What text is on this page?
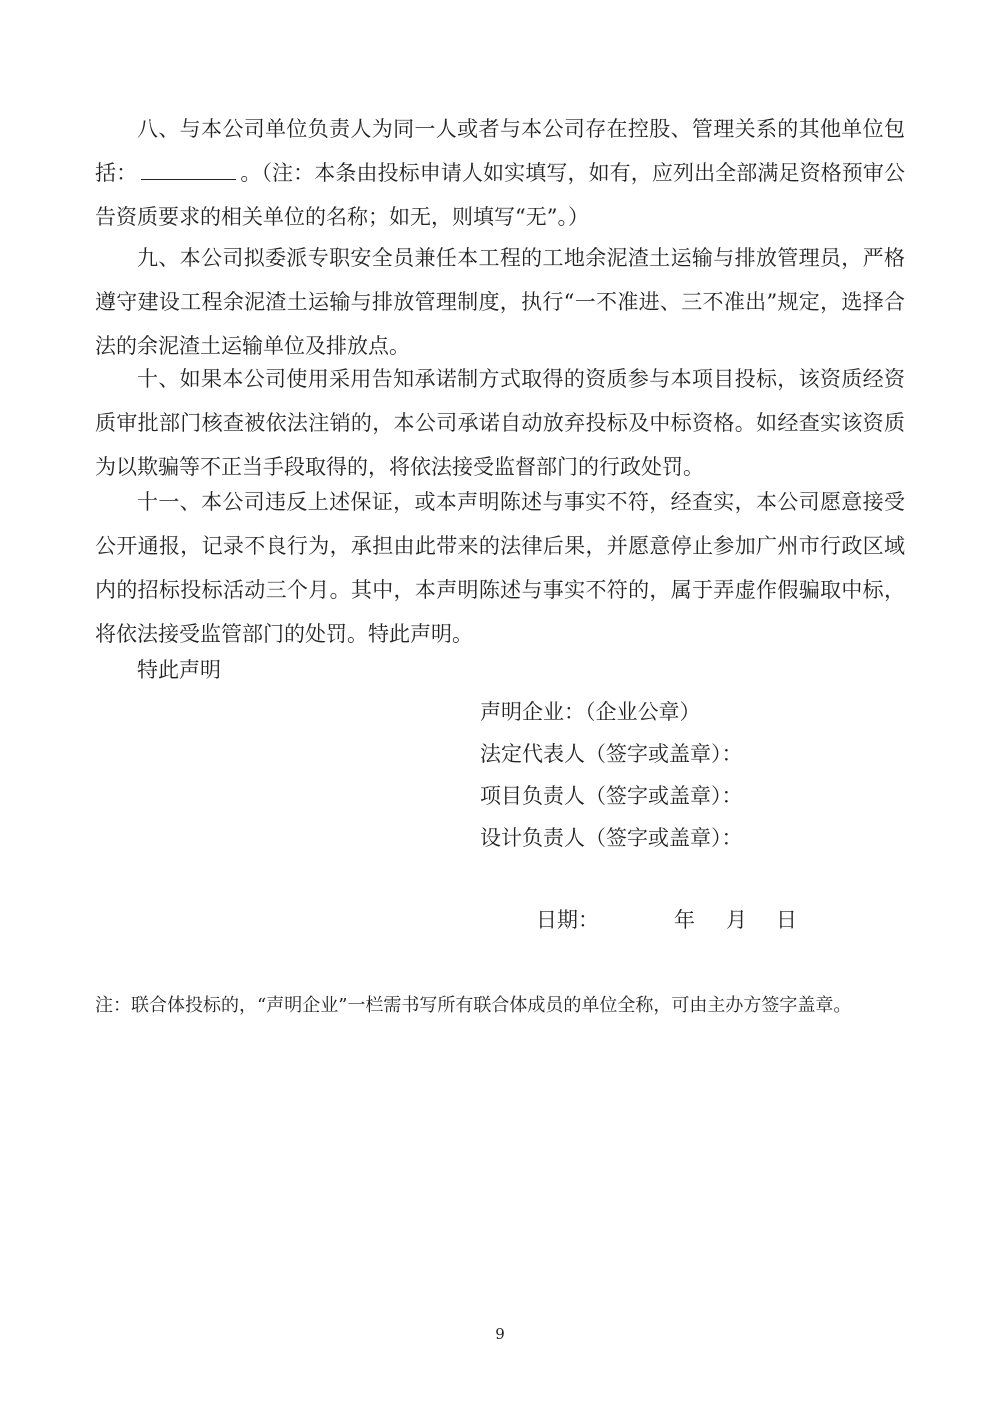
八、与本公司单位负责人为同一人或者与本公司存在控股、管理关系的其他单位包括：	。（注：本条由投标申请人如实填写，如有，应列出全部满足资格预审公告资质要求的相关单位的名称；如无，则填写“无”。）

九、本公司拟委派专职安全员兼任本工程的工地余泥渣土运输与排放管理员，严格遵守建设工程余泥渣土运输与排放管理制度，执行“一不准进、三不准出”规定，选择合法的余泥渣土运输单位及排放点。

十、如果本公司使用采用告知承诺制方式取得的资质参与本项目投标，该资质经资质审批部门核查被依法注销的，本公司承诺自动放弃投标及中标资格。如经查实该资质为以欺骗等不正当手段取得的，将依法接受监督部门的行政处罚。

十一、本公司违反上述保证，或本声明陈述与事实不符，经查实，本公司愿意接受公开通报，记录不良行为，承担由此带来的法律后果，并愿意停止参加广州市行政区域内的招标投标活动三个月。其中，本声明陈述与事实不符的，属于弄虚作假骗取中标，将依法接受监管部门的处罚。特此声明。

特此声明

声明企业：（企业公章）

法定代表人（签字或盖章）：

项目负责人（签字或盖章）：

设计负责人（签字或盖章）：

日期：	年 月 日

注：联合体投标的，“声明企业”一栏需书写所有联合体成员的单位全称，可由主办方签字盖章。

9
